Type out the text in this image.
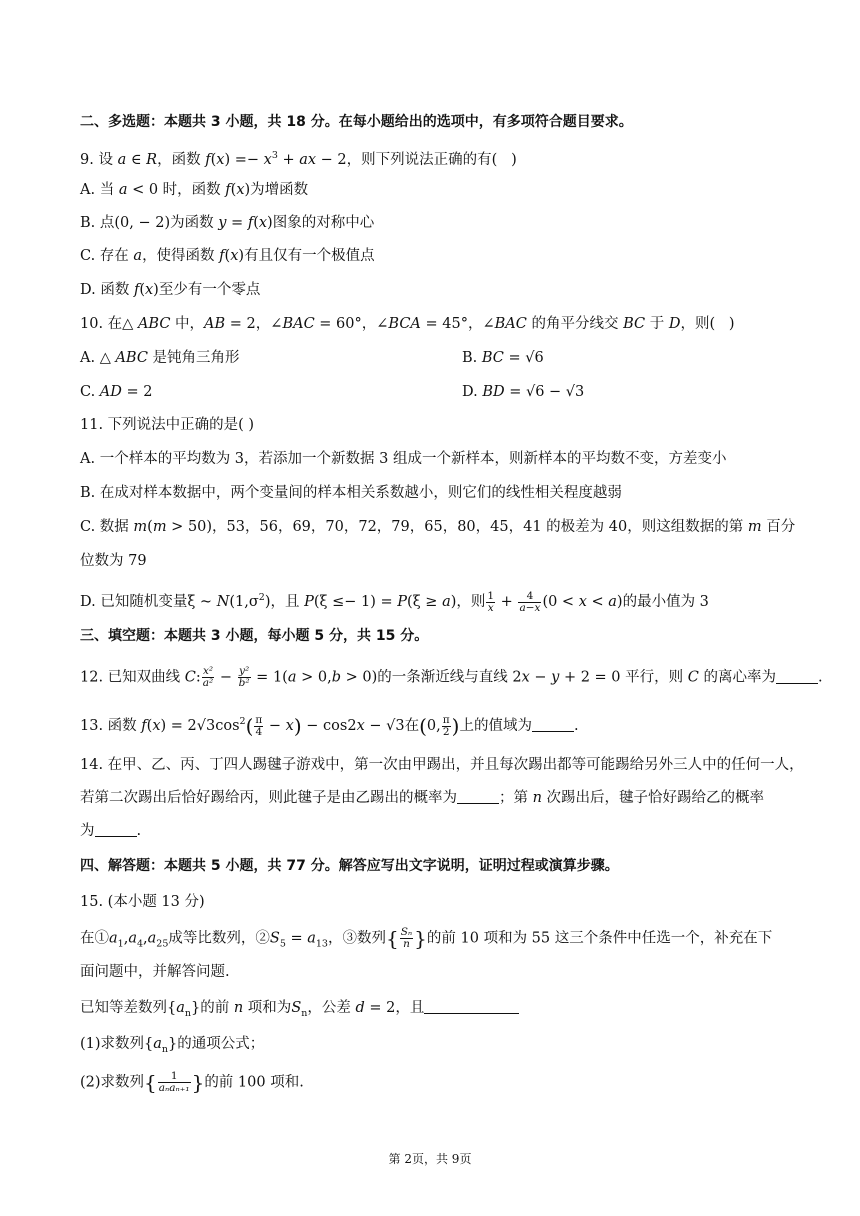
二、多选题：本题共 3 小题，共 18 分。在每小题给出的选项中，有多项符合题目要求。
9. 设 a ∈ R，函数 $f(x) =- x^3$ + ax − 2，则下列说法正确的有(   )
A. 当 a < 0 时，函数 f(x)为增函数
B. 点(0, − 2)为函数 y = f(x)图象的对称中心
C. 存在 a，使得函数 f(x)有且仅有一个极值点
D. 函数 f(x)至少有一个零点
10. 在△ ABC 中，AB = 2，∠BAC = 60°，∠BCA = 45°，∠BAC 的角平分线交 BC 于 D，则(   )
A. △ ABC 是钝角三角形	B. BC = √6
C. AD = 2	D. BD = √6 − √3
11. 下列说法中正确的是( )
A. 一个样本的平均数为 3，若添加一个新数据 3 组成一个新样本，则新样本的平均数不变，方差变小
B. 在成对样本数据中，两个变量间的样本相关系数越小，则它们的线性相关程度越弱
C. 数据 m(m > 50)，53，56，69，70，72，79，65，80，45，41 的极差为 40，则这组数据的第 m 百分
位数为 79
D. 已知随机变量ξ ~ $N(1,\sigma^2)$，且 P(ξ ≤− 1) = P(ξ ≥ a)，则 $\frac{1}{x} + \frac{4}{a-x} (0 < x < a)$的最小值为 3
三、填空题：本题共 3 小题，每小题 5 分，共 15 分。
12. 已知双曲线 C: $\frac{\text{x²}}{\text{a²}} - \frac{\text{y²}}{\text{b²}} = 1(a > 0,b > 0)$的一条渐近线与直线 2x − y + 2 = 0 平行，则 C 的离心率为	.
13. 函数 $f(x) = 2√3\cos^2( \frac{\pi}{4} - x) - \cos 2x - √3$在(0, $\frac{\pi}{2}$ )上的值域为	.
14. 在甲、乙、丙、丁四人踢毽子游戏中，第一次由甲踢出，并且每次踢出都等可能踢给另外三人中的任何一人，
若第二次踢出后恰好踢给丙，则此毽子是由乙踢出的概率为	；第 n 次踢出后，毽子恰好踢给乙的概率
为	.
四、解答题：本题共 5 小题，共 77 分。解答应写出文字说明，证明过程或演算步骤。
15. (本小题 13 分)
在$①a_1,a_4,a_{25}$成等比数列，$②S_5 = a_{13}$，③数列{ $\frac{\text{Sₙ}}{n}$ }的前 10 项和为 55 这三个条件中任选一个，补充在下
面问题中，并解答问题.
已知等差数列$\{a_n\}$的前 n 项和为$S_n$，公差 d = 2，且
(1)求数列$\{a_n\}$的通项公式；
(2)求数列{ $\frac{1}{\text{aₙaₙ₊₁}}$ }的前 100 项和.
第 2页，共 9页
